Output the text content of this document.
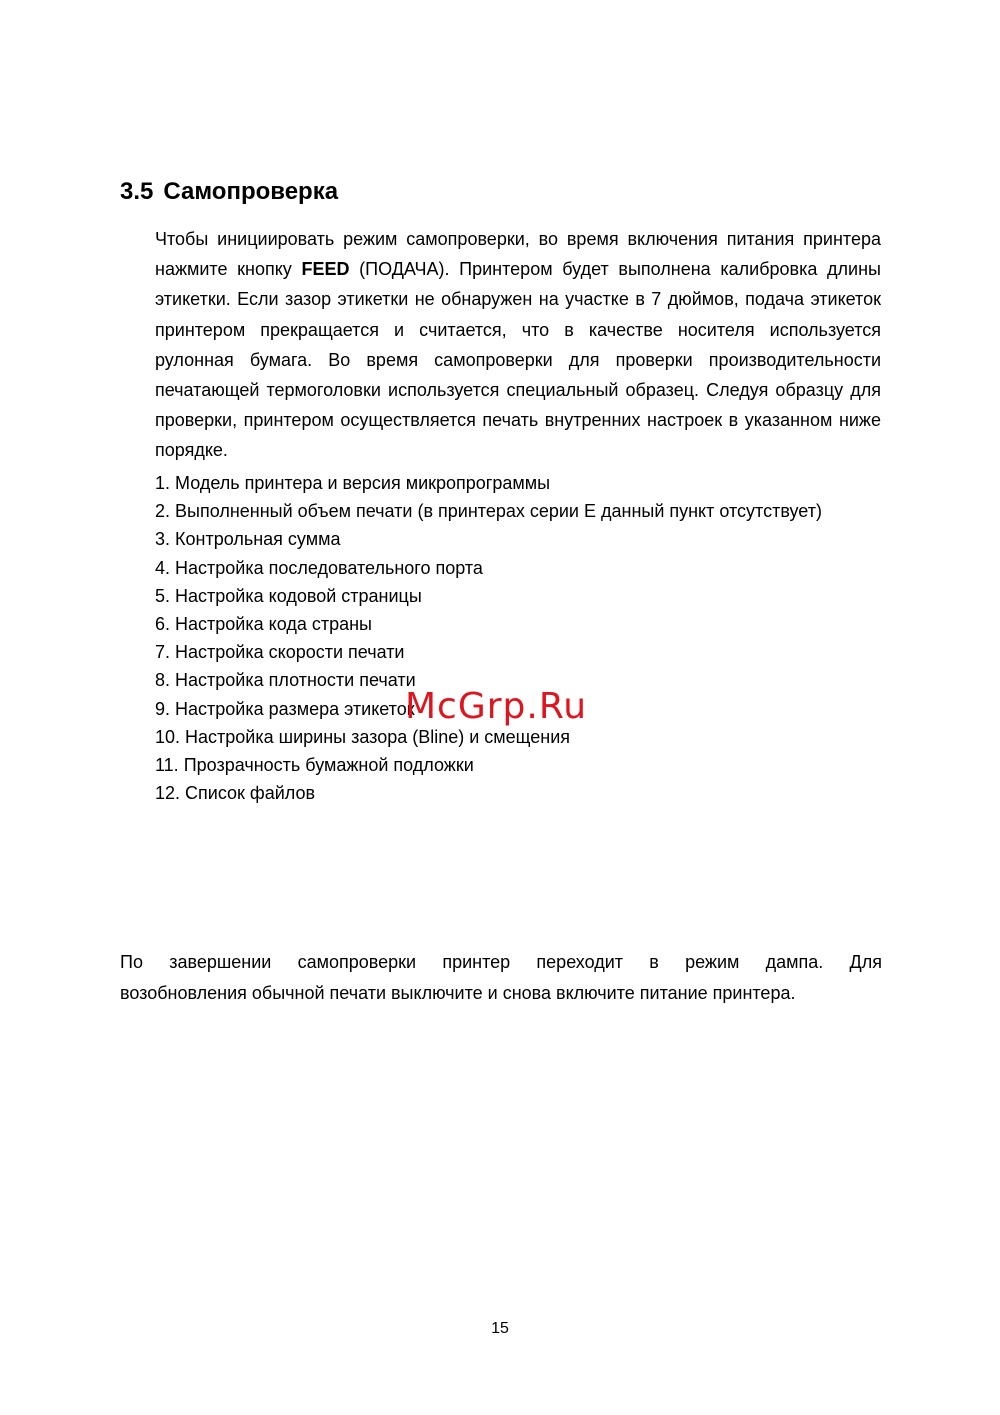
3.5 Самопроверка

Чтобы инициировать режим самопроверки, во время включения питания принтера нажмите кнопку FEED (ПОДАЧА). Принтером будет выполнена калибровка длины этикетки. Если зазор этикетки не обнаружен на участке в 7 дюймов, подача этикеток принтером прекращается и считается, что в качестве носителя используется рулонная бумага. Во время самопроверки для проверки производительности печатающей термоголовки используется специальный образец. Следуя образцу для проверки, принтером осуществляется печать внутренних настроек в указанном ниже порядке.

1. Модель принтера и версия микропрограммы
2. Выполненный объем печати (в принтерах серии E данный пункт отсутствует)
3. Контрольная сумма
4. Настройка последовательного порта
5. Настройка кодовой страницы
6. Настройка кода страны
7. Настройка скорости печати
8. Настройка плотности печати
9. Настройка размера этикеток
10. Настройка ширины зазора (Bline) и смещения
11. Прозрачность бумажной подложки
12. Список файлов
McGrp.Ru

По завершении самопроверки принтер переходит в режим дампа. Для
возобновления обычной печати выключите и снова включите питание принтера.

15
